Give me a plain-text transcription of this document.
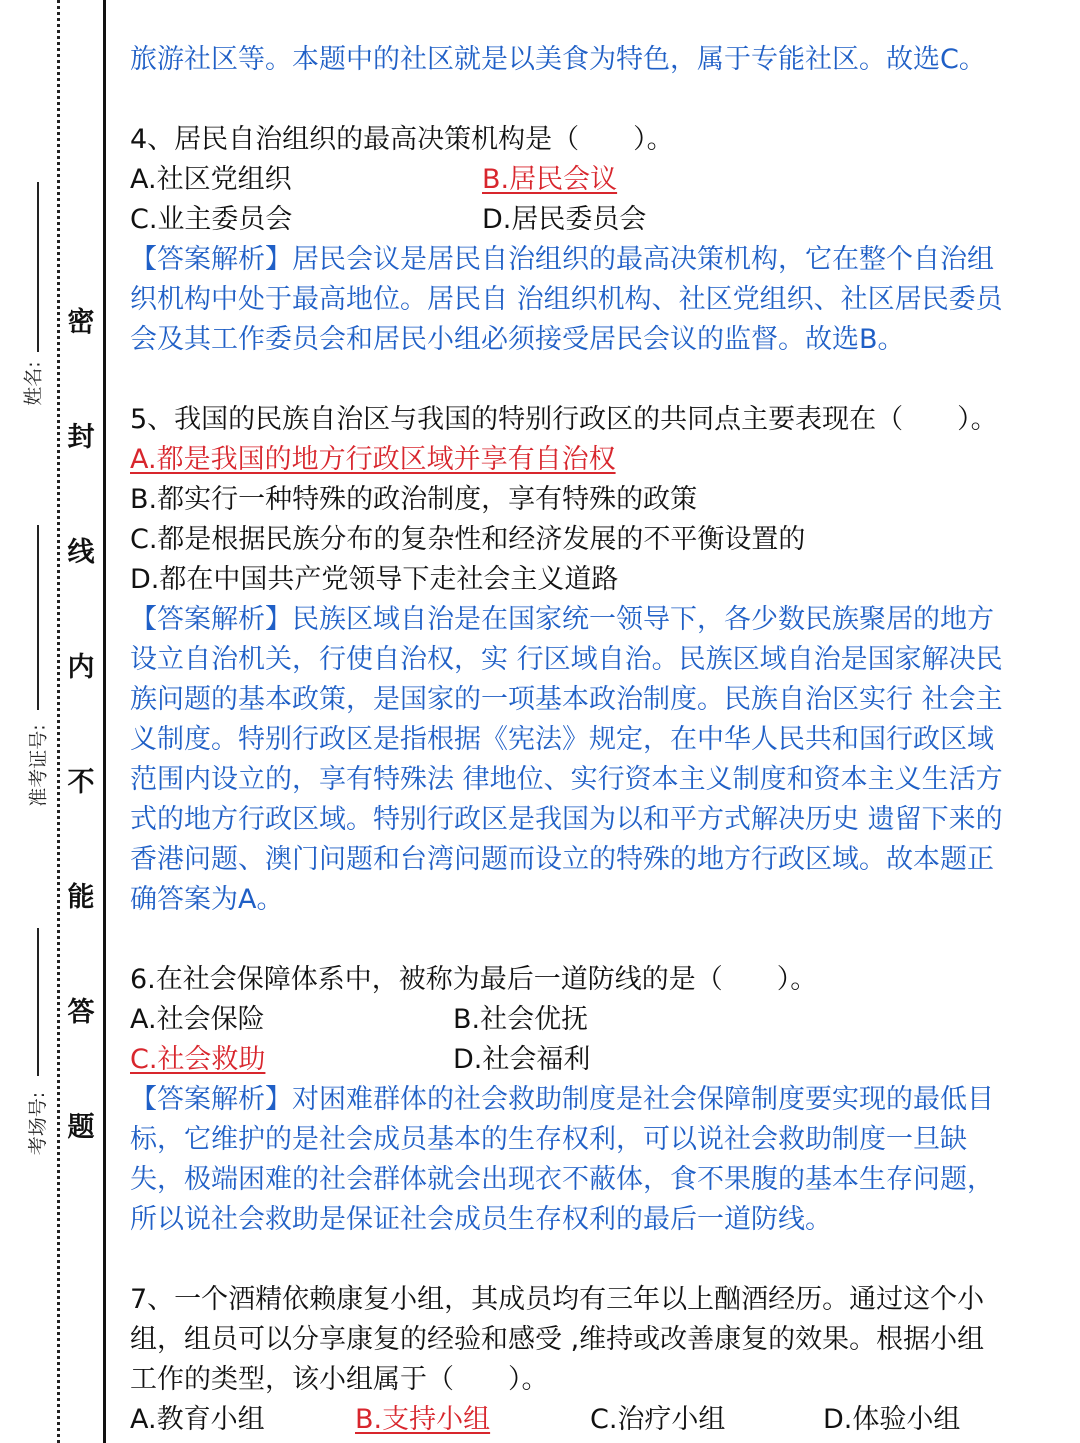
密
封
线
内
不
能
答
题
姓名:
准考证号:
考场号:
旅游社区等。本题中的社区就是以美食为特色，属于专能社区。故选C。
4、居民自治组织的最高决策机构是（　　）。
A.社区党组织	B.居民会议
C.业主委员会	D.居民委员会
【答案解析】居民会议是居民自治组织的最高决策机构，它在整个自治组
织机构中处于最高地位。居民自 治组织机构、社区党组织、社区居民委员
会及其工作委员会和居民小组必须接受居民会议的监督。故选B。
5、我国的民族自治区与我国的特别行政区的共同点主要表现在（　　）。
A.都是我国的地方行政区域并享有自治权
B.都实行一种特殊的政治制度，享有特殊的政策
C.都是根据民族分布的复杂性和经济发展的不平衡设置的
D.都在中国共产党领导下走社会主义道路
【答案解析】民族区域自治是在国家统一领导下，各少数民族聚居的地方
设立自治机关，行使自治权，实 行区域自治。民族区域自治是国家解决民
族问题的基本政策，是国家的一项基本政治制度。民族自治区实行 社会主
义制度。特别行政区是指根据《宪法》规定，在中华人民共和国行政区域
范围内设立的，享有特殊法 律地位、实行资本主义制度和资本主义生活方
式的地方行政区域。特别行政区是我国为以和平方式解决历史 遗留下来的
香港问题、澳门问题和台湾问题而设立的特殊的地方行政区域。故本题正
确答案为A。
6.在社会保障体系中，被称为最后一道防线的是（　　）。
A.社会保险	B.社会优抚
C.社会救助	D.社会福利
【答案解析】对困难群体的社会救助制度是社会保障制度要实现的最低目
标，它维护的是社会成员基本的生存权利，可以说社会救助制度一旦缺
失，极端困难的社会群体就会出现衣不蔽体，食不果腹的基本生存问题，
所以说社会救助是保证社会成员生存权利的最后一道防线。
7、一个酒精依赖康复小组，其成员均有三年以上酗酒经历。通过这个小
组，组员可以分享康复的经验和感受 ,维持或改善康复的效果。根据小组
工作的类型，该小组属于（　　）。
A.教育小组	B.支持小组	C.治疗小组	D.体验小组
